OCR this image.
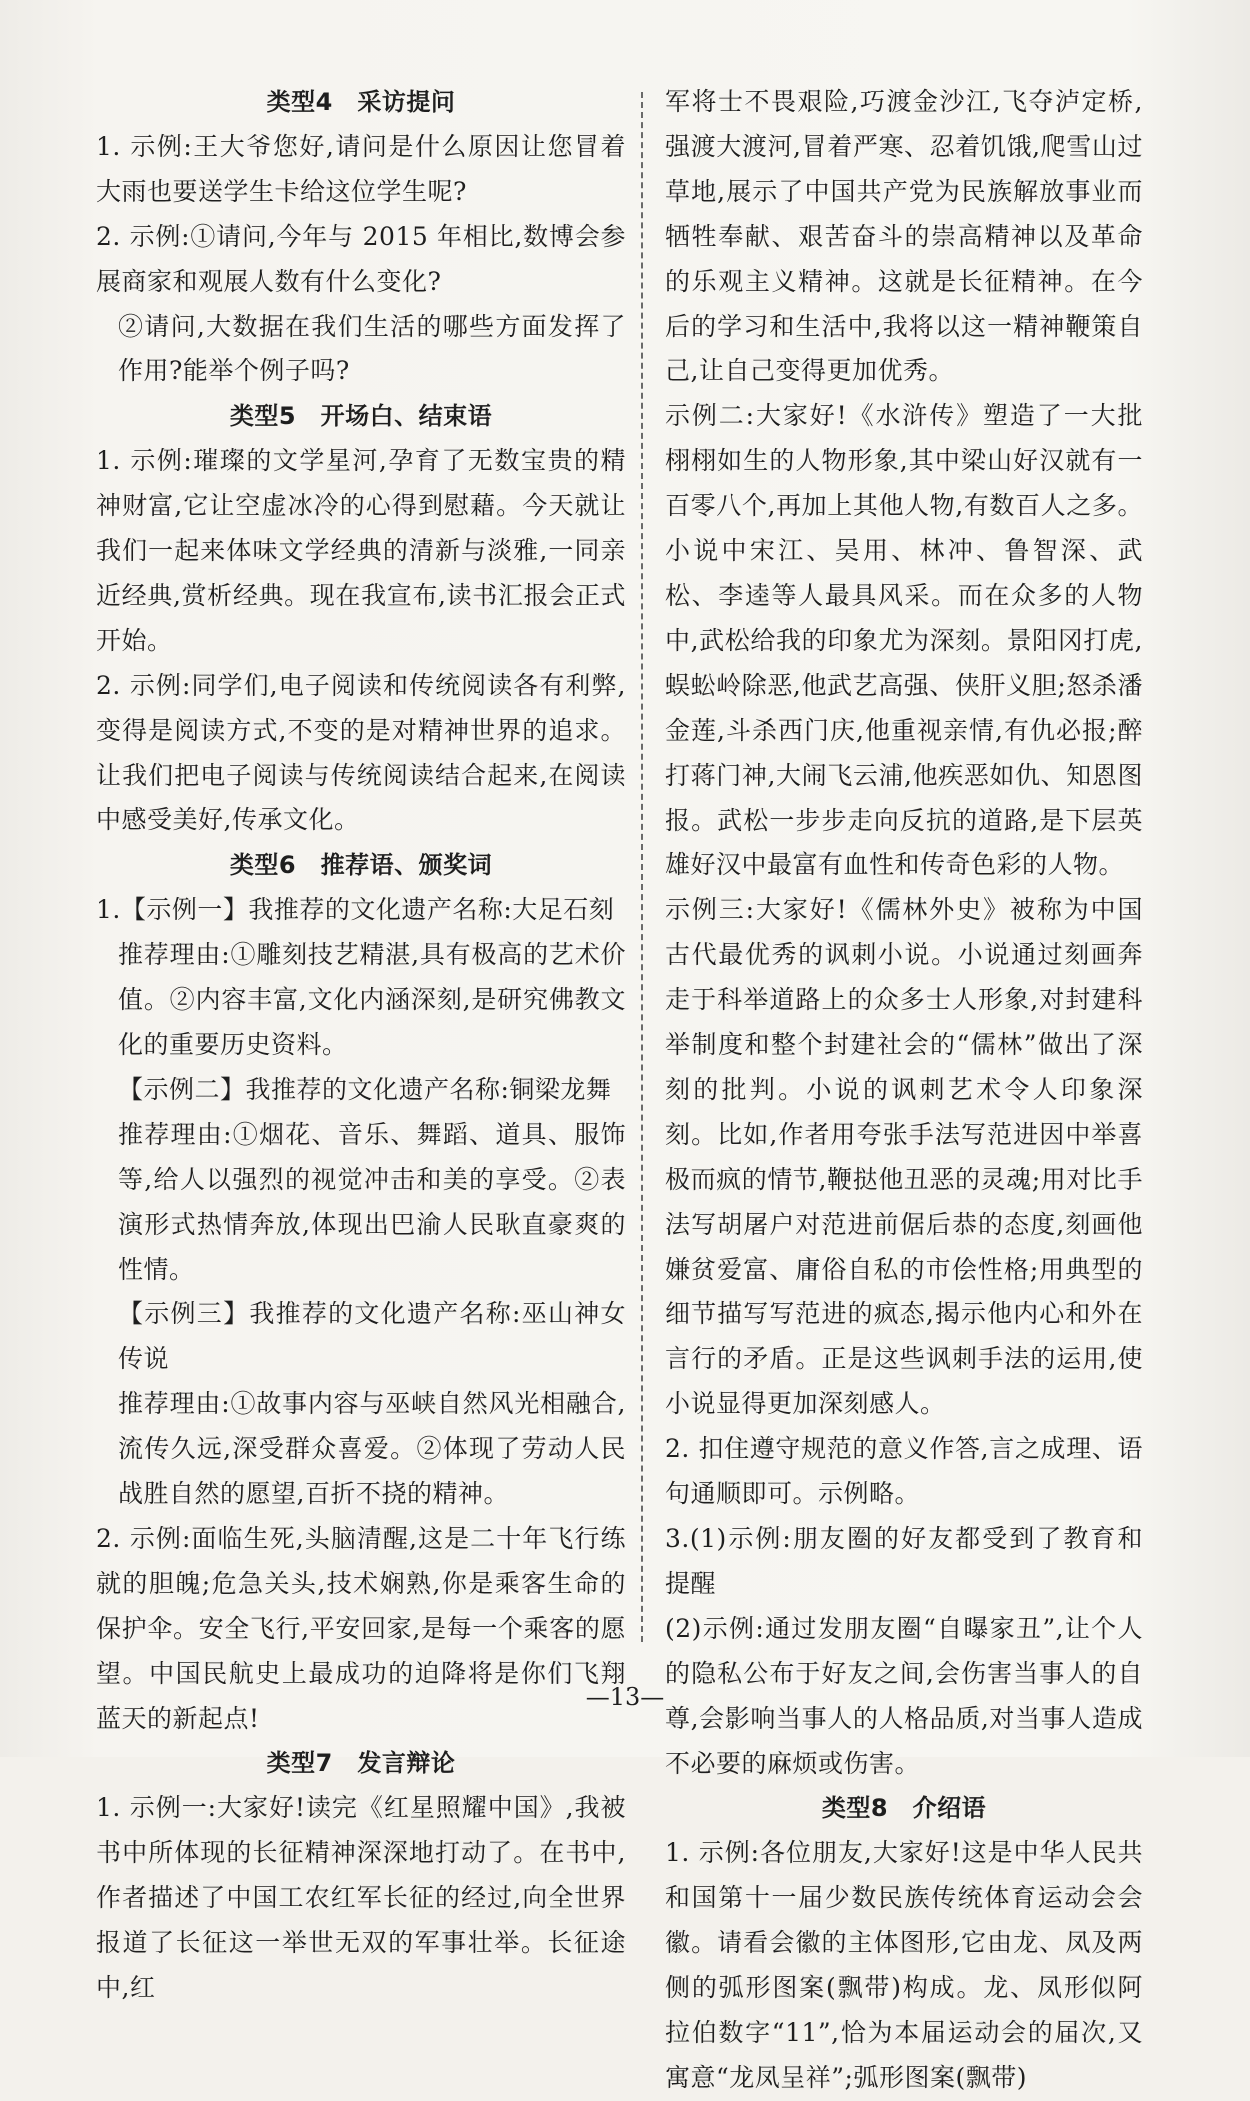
类型4　采访提问
1. 示例:王大爷您好,请问是什么原因让您冒着大雨也要送学生卡给这位学生呢?
2. 示例:①请问,今年与 2015 年相比,数博会参展商家和观展人数有什么变化?
②请问,大数据在我们生活的哪些方面发挥了作用?能举个例子吗?
类型5　开场白、结束语
1. 示例:璀璨的文学星河,孕育了无数宝贵的精神财富,它让空虚冰冷的心得到慰藉。今天就让我们一起来体味文学经典的清新与淡雅,一同亲近经典,赏析经典。现在我宣布,读书汇报会正式开始。
2. 示例:同学们,电子阅读和传统阅读各有利弊,变得是阅读方式,不变的是对精神世界的追求。让我们把电子阅读与传统阅读结合起来,在阅读中感受美好,传承文化。
类型6　推荐语、颁奖词
1.【示例一】我推荐的文化遗产名称:大足石刻
推荐理由:①雕刻技艺精湛,具有极高的艺术价值。②内容丰富,文化内涵深刻,是研究佛教文化的重要历史资料。
【示例二】我推荐的文化遗产名称:铜梁龙舞
推荐理由:①烟花、音乐、舞蹈、道具、服饰等,给人以强烈的视觉冲击和美的享受。②表演形式热情奔放,体现出巴渝人民耿直豪爽的性情。
【示例三】我推荐的文化遗产名称:巫山神女传说
推荐理由:①故事内容与巫峡自然风光相融合,流传久远,深受群众喜爱。②体现了劳动人民战胜自然的愿望,百折不挠的精神。
2. 示例:面临生死,头脑清醒,这是二十年飞行练就的胆魄;危急关头,技术娴熟,你是乘客生命的保护伞。安全飞行,平安回家,是每一个乘客的愿望。中国民航史上最成功的迫降将是你们飞翔蓝天的新起点!
类型7　发言辩论
1. 示例一:大家好!读完《红星照耀中国》,我被书中所体现的长征精神深深地打动了。在书中,作者描述了中国工农红军长征的经过,向全世界报道了长征这一举世无双的军事壮举。长征途中,红
军将士不畏艰险,巧渡金沙江,飞夺泸定桥,强渡大渡河,冒着严寒、忍着饥饿,爬雪山过草地,展示了中国共产党为民族解放事业而牺牲奉献、艰苦奋斗的崇高精神以及革命的乐观主义精神。这就是长征精神。在今后的学习和生活中,我将以这一精神鞭策自己,让自己变得更加优秀。
示例二:大家好!《水浒传》塑造了一大批栩栩如生的人物形象,其中梁山好汉就有一百零八个,再加上其他人物,有数百人之多。小说中宋江、吴用、林冲、鲁智深、武松、李逵等人最具风采。而在众多的人物中,武松给我的印象尤为深刻。景阳冈打虎,蜈蚣岭除恶,他武艺高强、侠肝义胆;怒杀潘金莲,斗杀西门庆,他重视亲情,有仇必报;醉打蒋门神,大闹飞云浦,他疾恶如仇、知恩图报。武松一步步走向反抗的道路,是下层英雄好汉中最富有血性和传奇色彩的人物。
示例三:大家好!《儒林外史》被称为中国古代最优秀的讽刺小说。小说通过刻画奔走于科举道路上的众多士人形象,对封建科举制度和整个封建社会的“儒林”做出了深刻的批判。小说的讽刺艺术令人印象深刻。比如,作者用夸张手法写范进因中举喜极而疯的情节,鞭挞他丑恶的灵魂;用对比手法写胡屠户对范进前倨后恭的态度,刻画他嫌贫爱富、庸俗自私的市侩性格;用典型的细节描写写范进的疯态,揭示他内心和外在言行的矛盾。正是这些讽刺手法的运用,使小说显得更加深刻感人。
2. 扣住遵守规范的意义作答,言之成理、语句通顺即可。示例略。
3.(1)示例:朋友圈的好友都受到了教育和提醒
(2)示例:通过发朋友圈“自曝家丑”,让个人的隐私公布于好友之间,会伤害当事人的自尊,会影响当事人的人格品质,对当事人造成不必要的麻烦或伤害。
类型8　介绍语
1. 示例:各位朋友,大家好!这是中华人民共和国第十一届少数民族传统体育运动会会徽。请看会徽的主体图形,它由龙、凤及两侧的弧形图案(飘带)构成。龙、凤形似阿拉伯数字“11”,恰为本届运动会的届次,又寓意“龙凤呈祥”;弧形图案(飘带)
—13—
